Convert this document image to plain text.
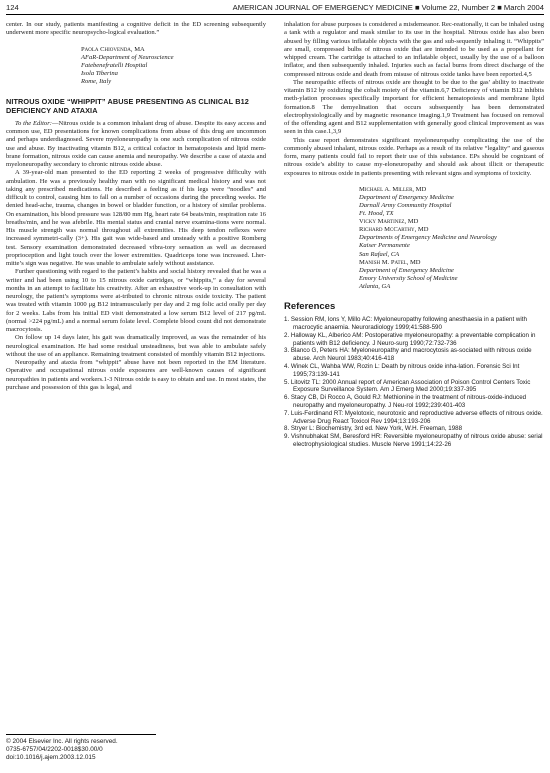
124	AMERICAN JOURNAL OF EMERGENCY MEDICINE ■ Volume 22, Number 2 ■ March 2004

center. In our study, patients manifesting a cognitive deficit in the ED screening subsequently underwent more specific neuropsycho-logical evaluation.”

Paola Chiovenda, MA
AFaR-Department of Neuroscience
Fatebenefratelli Hospital
Isola Tiberina
Rome, Italy
NITROUS OXIDE “WHIPPIT” ABUSE PRESENTING AS CLINICAL B12 DEFICIENCY AND ATAXIA

To the Editor:—Nitrous oxide is a common inhalant drug of abuse. Despite its easy access and common use, ED presentations for known complications from abuse of this drug are uncommon and perhaps underdiagnosed. Severe myeloneuropathy is one such complication of nitrous oxide use and abuse. By inactivating vitamin B12, a critical cofactor in hematopoiesis and lipid mem-brane formation, nitrous oxide can cause anemia and neuropathy. We describe a case of ataxia and myeloneuropathy secondary to chronic nitrous oxide abuse.

A 39-year-old man presented to the ED reporting 2 weeks of progressive difficulty with ambulation. He was a previously healthy man with no significant medical history and was not taking any prescribed medications. He described a feeling as if his legs were “noodles” and difficult to control, causing him to fall on a number of occasions during the preceding weeks. He denied head-ache, trauma, changes in bowel or bladder function, or a history of similar problems. On examination, his blood pressure was 128/80 mm Hg, heart rate 64 beats/min, respiration rate 16 breaths/min, and he was afebrile. His mental status and cranial nerve examina-tions were normal. His muscle strength was normal throughout all extremities. His deep tendon reflexes were increased symmetri-cally (3+). His gait was wide-based and unsteady with a positive Romberg test. Sensory examination demonstrated decreased vibra-tory sensation as well as decreased proprioception and light touch over the lower extremities. Quadriceps tone was increased. Lher-mitte’s sign was negative. He was unable to ambulate safely without assistance.

Further questioning with regard to the patient’s habits and social history revealed that he was a writer and had been using 10 to 15 nitrous oxide cartridges, or “whippits,” a day for several months in an attempt to facilitate his creativity. After an exhaustive work-up in consultation with neurology, the patient’s symptoms were at-tributed to chronic nitrous oxide toxicity. The patient was treated with vitamin 1000 μg B12 intramuscularly per day and 2 mg folic acid orally per day for 2 weeks. Labs from his initial ED visit demonstrated a low serum B12 level of 217 pg/mL (normal >224 pg/mL) and a normal serum folate level. Complete blood count did not demonstrate macrocytosis.

On follow up 14 days later, his gait was dramatically improved, as was the remainder of his neurological examination. He had some residual unsteadiness, but was able to ambulate safely without the use of an appliance. Remaining treatment consisted of monthly vitamin B12 injections.

Neuropathy and ataxia from “whippit” abuse have not been reported in the EM literature. Operative and occupational nitrous oxide exposures are well-known causes of significant neuropathies in patients and workers.1-3 Nitrous oxide is easy to obtain and use. In most states, the purchase and possession of this gas is legal, and

inhalation for abuse purposes is considered a misdemeanor. Rec-reationally, it can be inhaled using a tank with a regulator and mask similar to its use in the hospital. Nitrous oxide has also been abused by filling various inflatable objects with the gas and sub-sequently inhaling it. “Whippits” are small, compressed bulbs of nitrous oxide that are intended to be used as a propellant for whipped cream. The cartridge is attached to an inflatable object, usually by the use of a balloon inflator, and then subsequently inhaled. Injuries such as facial burns from direct discharge of the compressed nitrous oxide and death from misuse of nitrous oxide tanks have been reported.4,5

The neuropathic effects of nitrous oxide are thought to be due to the gas’ ability to inactivate vitamin B12 by oxidizing the cobalt moiety of the vitamin.6,7 Deficiency of vitamin B12 inhibits meth-ylation processes specifically important for efficient hematopoiesis and membrane lipid formation.8 The demyelination that occurs subsequently has been demonstrated electrophysiologically and by magnetic resonance imaging.1,9 Treatment has focused on removal of the offending agent and B12 supplementation with generally good clinical improvement as was seen in this case.1,3,9

This case report demonstrates significant myeloneuropathy complicating the use of the commonly abused inhalant, nitrous oxide. Perhaps as a result of its relative “legality” and gaseous form, many patients could fail to report their use of this substance. EPs should be cognizant of nitrous oxide’s ability to cause my-eloneuropathy and should ask about illicit or therapeutic exposures to nitrous oxide in patients presenting with relevant signs and symptoms of toxicity.

Michael A. Miller, MD
Department of Emergency Medicine
Darnall Army Community Hospital
Ft. Hood, TX
Vicky Martinez, MD
Richard McCarthy, MD
Departments of Emergency Medicine and Neurology
Kaiser Permanente
San Rafael, CA
Manish M. Patel, MD
Department of Emergency Medicine
Emory University School of Medicine
Atlanta, GA
References
1. Session RM, Ions Y, Millo AC: Myeloneuropathy following anesthaesia in a patient with macrocytic anaemia. Neuroradiology 1999;41:588-590
2. Halloway KL, Alberico AM: Postoperative myeloneuropathy: a preventable complication in patients with B12 deficiency. J Neuro-surg 1990;72:732-736
3. Blanco G, Peters HA: Myeloneuropathy and macrocytosis as-sociated with nitrous oxide abuse. Arch Neurol 1983;40:416-418
4. Winek CL, Wahba WW, Rozin L: Death by nitrous oxide inha-lation. Forensic Sci Int 1995;73:139-141
5. Litovitz TL: 2000 Annual report of American Association of Poison Control Centers Toxic Exposure Surveillance System. Am J Emerg Med 2000;19:337-395
6. Stacy CB, Di Rocco A, Gould RJ: Methionine in the treatment of nitrous-oxide-induced neuropathy and myeloneuropathy. J Neu-rol 1992;239:401-403
7. Luis-Ferdinand RT: Myelotoxic, neurotoxic and reproductive adverse effects of nitrous oxide. Adverse Drug React Toxicol Rev 1994;13:193-206
8. Stryer L: Biochemistry, 3rd ed. New York, W.H. Freeman, 1988
9. Vishnubhakat SM, Beresford HR: Reversible myeloneuropathy of nitrous oxide abuse: serial electrophysiological studies. Muscle Nerve 1991;14:22-26
© 2004 Elsevier Inc. All rights reserved.
0735-6757/04/2202-0018$30.00/0
doi:10.1016/j.ajem.2003.12.015
